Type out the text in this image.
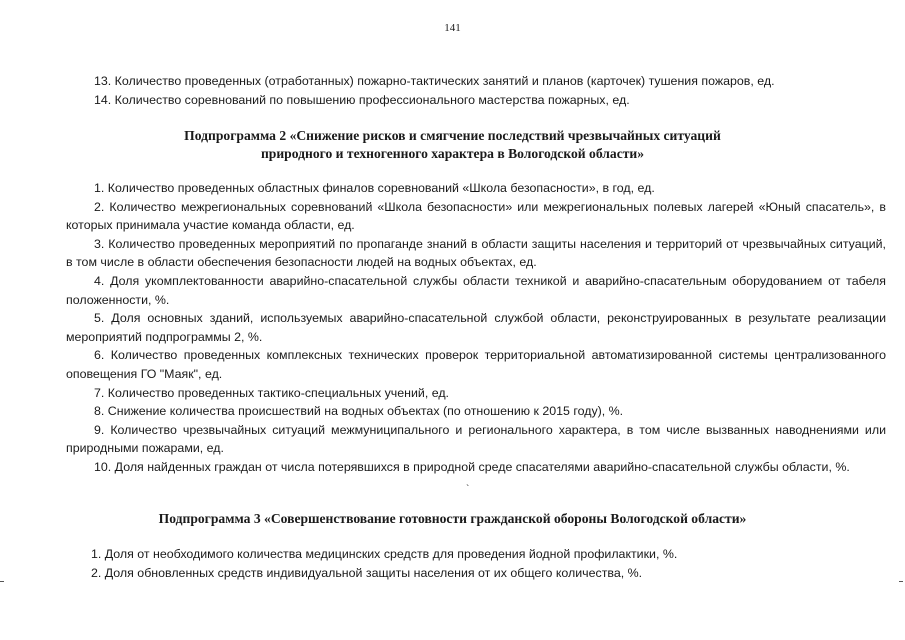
141
13. Количество проведенных (отработанных) пожарно-тактических занятий и планов (карточек) тушения пожаров, ед.
14. Количество соревнований по повышению профессионального мастерства пожарных, ед.
Подпрограмма 2 «Снижение рисков и смягчение последствий чрезвычайных ситуаций
природного и техногенного характера в Вологодской области»
1. Количество проведенных областных финалов соревнований «Школа безопасности», в год, ед.
2. Количество межрегиональных соревнований «Школа безопасности» или межрегиональных полевых лагерей «Юный спасатель», в которых принимала участие команда области, ед.
3. Количество проведенных мероприятий по пропаганде знаний в области защиты населения и территорий от чрезвычайных ситуаций, в том числе в области обеспечения безопасности людей на водных объектах, ед.
4. Доля укомплектованности аварийно-спасательной службы области техникой и аварийно-спасательным оборудованием от табеля положенности, %.
5. Доля основных зданий, используемых аварийно-спасательной службой области, реконструированных в результате реализации мероприятий подпрограммы 2, %.
6. Количество проведенных комплексных технических проверок территориальной автоматизированной системы централизованного оповещения ГО "Маяк", ед.
7. Количество проведенных тактико-специальных учений, ед.
8. Снижение количества происшествий на водных объектах (по отношению к 2015 году), %.
9. Количество чрезвычайных ситуаций межмуниципального и регионального характера, в том числе вызванных наводнениями или природными пожарами, ед.
10. Доля найденных граждан от числа потерявшихся в природной среде спасателями аварийно-спасательной службы области, %.
`
Подпрограмма 3 «Совершенствование готовности гражданской обороны Вологодской области»
1. Доля от необходимого количества медицинских средств для проведения йодной профилактики, %.
2. Доля обновленных средств индивидуальной защиты населения от их общего количества, %.
